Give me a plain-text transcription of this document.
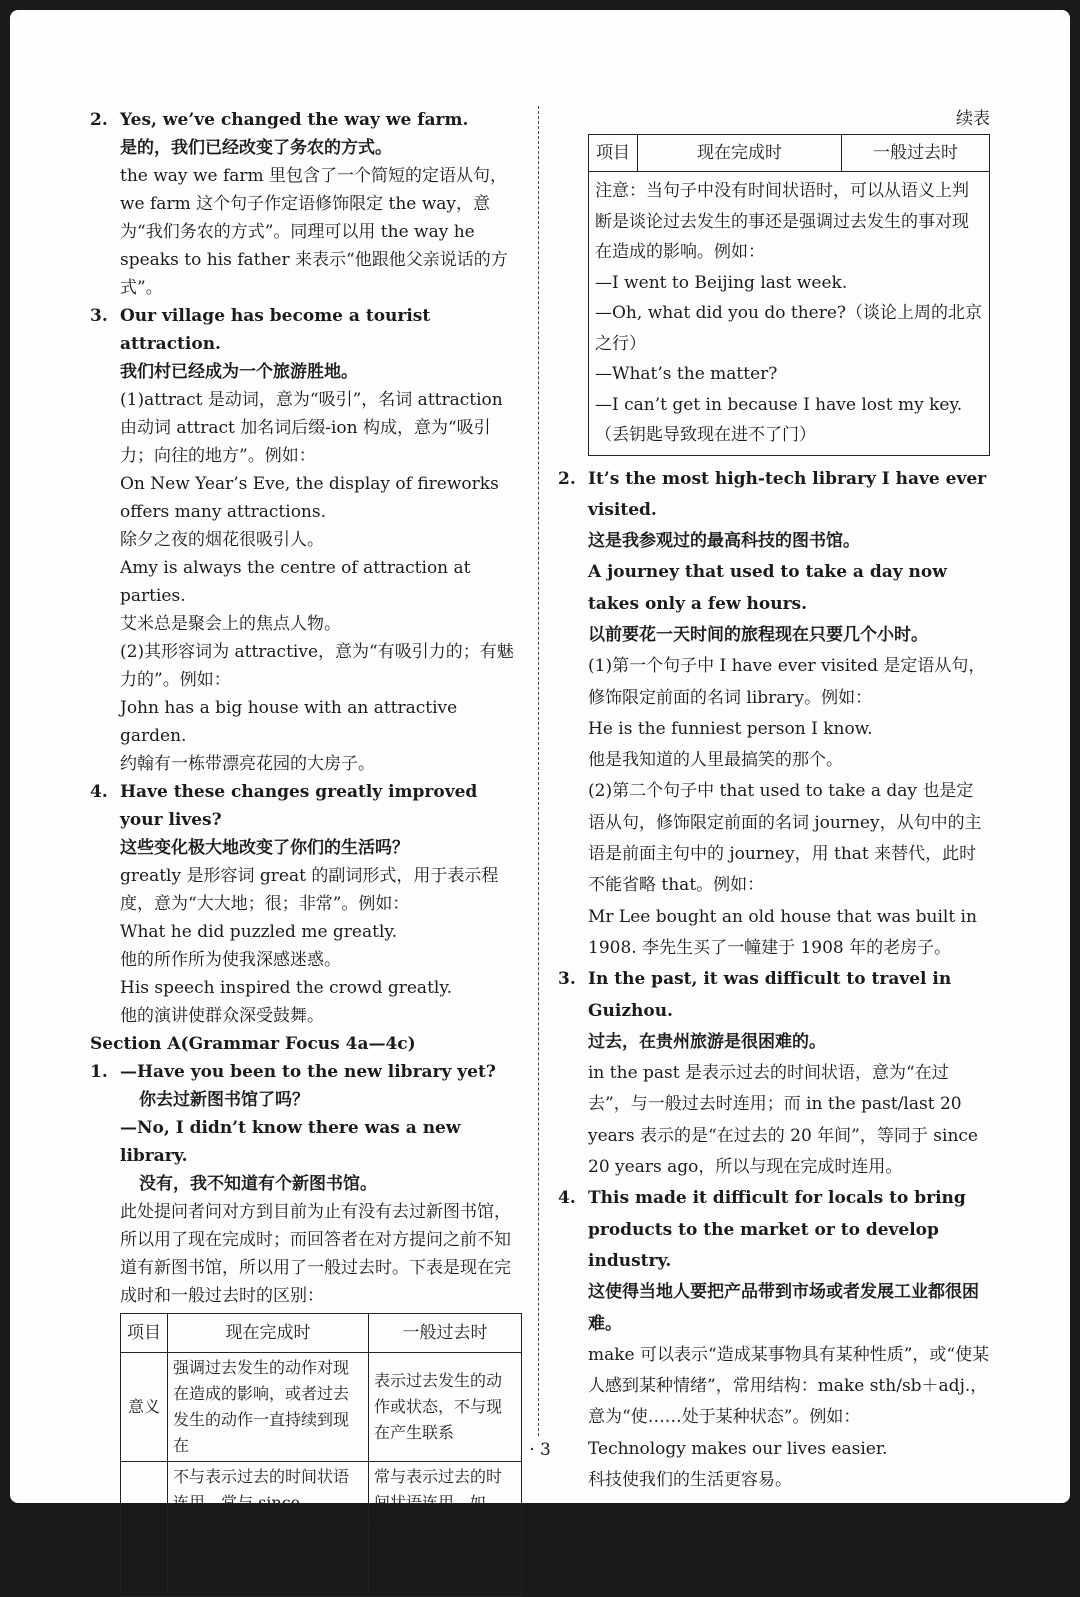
2. Yes, we’ve changed the way we farm.
是的，我们已经改变了务农的方式。
the way we farm 里包含了一个简短的定语从句，we farm 这个句子作定语修饰限定 the way，意为“我们务农的方式”。同理可以用 the way he speaks to his father 来表示“他跟他父亲说话的方式”。
3. Our village has become a tourist attraction.
我们村已经成为一个旅游胜地。
(1)attract 是动词，意为“吸引”，名词 attraction 由动词 attract 加名词后缀-ion 构成，意为“吸引力；向往的地方”。例如：
On New Year’s Eve, the display of fireworks offers many attractions.
除夕之夜的烟花很吸引人。
Amy is always the centre of attraction at parties.
艾米总是聚会上的焦点人物。
(2)其形容词为 attractive，意为“有吸引力的；有魅力的”。例如：
John has a big house with an attractive garden.
约翰有一栋带漂亮花园的大房子。
4. Have these changes greatly improved your lives?
这些变化极大地改变了你们的生活吗？
greatly 是形容词 great 的副词形式，用于表示程度，意为“大大地；很；非常”。例如：
What he did puzzled me greatly.
他的所作所为使我深感迷惑。
His speech inspired the crowd greatly.
他的演讲使群众深受鼓舞。
Section A(Grammar Focus 4a—4c)
1. —Have you been to the new library yet?
你去过新图书馆了吗？
—No, I didn’t know there was a new library.
没有，我不知道有个新图书馆。
此处提问者问对方到目前为止有没有去过新图书馆，所以用了现在完成时；而回答者在对方提问之前不知道有新图书馆，所以用了一般过去时。下表是现在完成时和一般过去时的区别：
项目	现在完成时	一般过去时
意义	强调过去发生的动作对现在造成的影响，或者过去发生的动作一直持续到现在	表示过去发生的动作或状态，不与现在产生联系
用法	不与表示过去的时间状语连用，常与 since...、for...、over/in the past... years 等时间状语连用	常与表示过去的时间状语连用，如 yesterday、last week、in 2020、two days ago 等
续表
项目	现在完成时	一般过去时

注意：当句子中没有时间状语时，可以从语义上判断是谈论过去发生的事还是强调过去发生的事对现在造成的影响。例如：
—I went to Beijing last week.
—Oh, what did you do there?（谈论上周的北京之行）
—What’s the matter?
—I can’t get in because I have lost my key.（丢钥匙导致现在进不了门）
2. It’s the most high-tech library I have ever visited.
这是我参观过的最高科技的图书馆。
A journey that used to take a day now takes only a few hours.
以前要花一天时间的旅程现在只要几个小时。
(1)第一个句子中 I have ever visited 是定语从句，修饰限定前面的名词 library。例如：
He is the funniest person I know.
他是我知道的人里最搞笑的那个。
(2)第二个句子中 that used to take a day 也是定语从句，修饰限定前面的名词 journey，从句中的主语是前面主句中的 journey，用 that 来替代，此时不能省略 that。例如：
Mr Lee bought an old house that was built in 1908. 李先生买了一幢建于 1908 年的老房子。
3. In the past, it was difficult to travel in Guizhou.
过去，在贵州旅游是很困难的。
in the past 是表示过去的时间状语，意为“在过去”，与一般过去时连用；而 in the past/last 20 years 表示的是“在过去的 20 年间”，等同于 since 20 years ago，所以与现在完成时连用。
4. This made it difficult for locals to bring products to the market or to develop industry.
这使得当地人要把产品带到市场或者发展工业都很困难。
make 可以表示“造成某事物具有某种性质”，或“使某人感到某种情绪”，常用结构：make sth/sb＋adj.，意为“使……处于某种状态”。例如：
Technology makes our lives easier.
科技使我们的生活更容易。
The news made him very happy.
这个消息让他很高兴。
· 3
